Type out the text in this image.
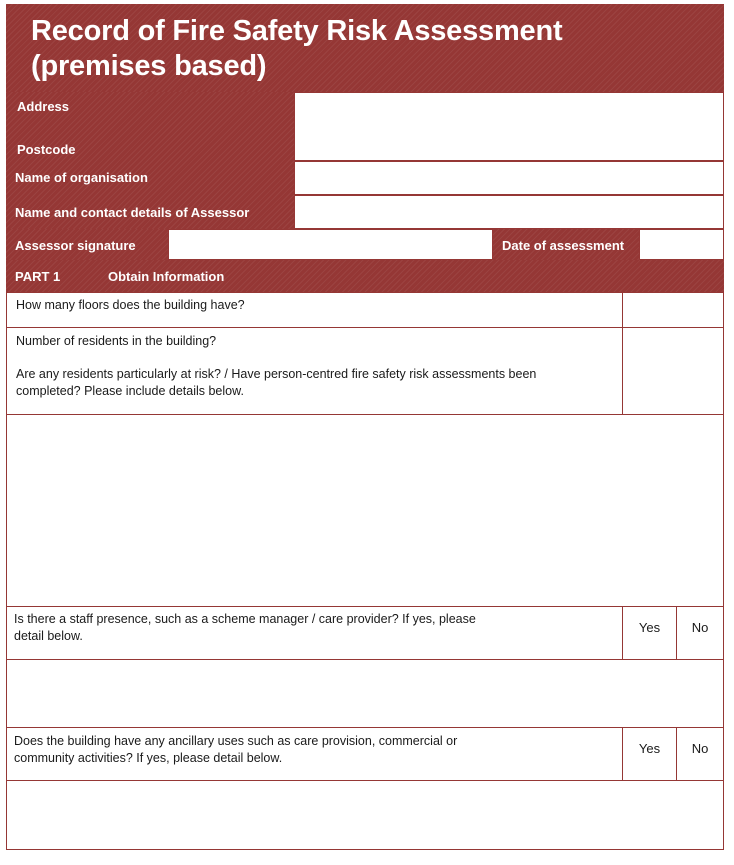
Record of Fire Safety Risk Assessment
(premises based)
Address
Postcode
Name of organisation
Name and contact details of Assessor
Assessor signature	Date of assessment
PART 1	Obtain Information
How many floors does the building have?
Number of residents in the building?
Are any residents particularly at risk? / Have person-centred fire safety risk assessments been
completed? Please include details below.
Is there a staff presence, such as a scheme manager / care provider? If yes, please
detail below.
Yes	No
Does the building have any ancillary uses such as care provision, commercial or
community activities? If yes, please detail below.
Yes	No
